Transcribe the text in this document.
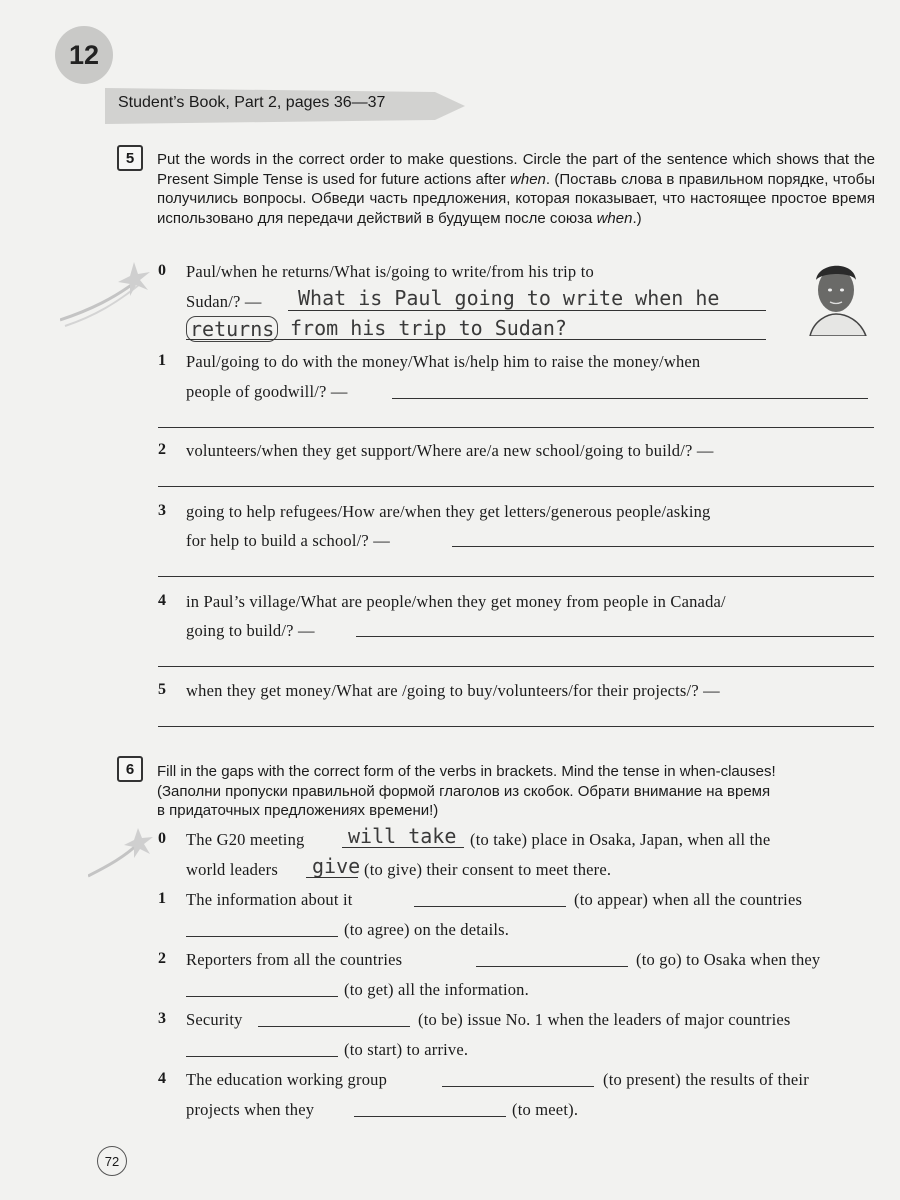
12
Student’s Book, Part 2, pages 36—37
5	Put the words in the correct order to make questions. Circle the part of the sentence which shows that the Present Simple Tense is used for future actions after when. (Поставь слова в правильном порядке, чтобы получились вопросы. Обведи часть предложения, которая показывает, что настоящее простое время использовано для передачи действий в будущем после союза when.)
0 Paul/when he returns/What is/going to write/from his trip to
Sudan/? — What is Paul going to write when he
returns from his trip to Sudan?
1 Paul/going to do with the money/What is/help him to raise the money/when
people of goodwill/? —
2 volunteers/when they get support/Where are/a new school/going to build/? —
3 going to help refugees/How are/when they get letters/generous people/asking
for help to build a school/? —
4 in Paul’s village/What are people/when they get money from people in Canada/
going to build/? —
5 when they get money/What are /going to buy/volunteers/for their projects/? —
6	Fill in the gaps with the correct form of the verbs in brackets. Mind the tense in when-clauses!
(Заполни пропуски правильной формой глаголов из скобок. Обрати внимание на время
в придаточных предложениях времени!)
0 The G20 meeting will take (to take) place in Osaka, Japan, when all the
world leaders give (to give) their consent to meet there.
1 The information about it	(to appear) when all the countries
(to agree) on the details.
2 Reporters from all the countries	(to go) to Osaka when they
(to get) all the information.
3 Security	(to be) issue No. 1 when the leaders of major countries
(to start) to arrive.
4 The education working group	(to present) the results of their
projects when they	(to meet).
72
